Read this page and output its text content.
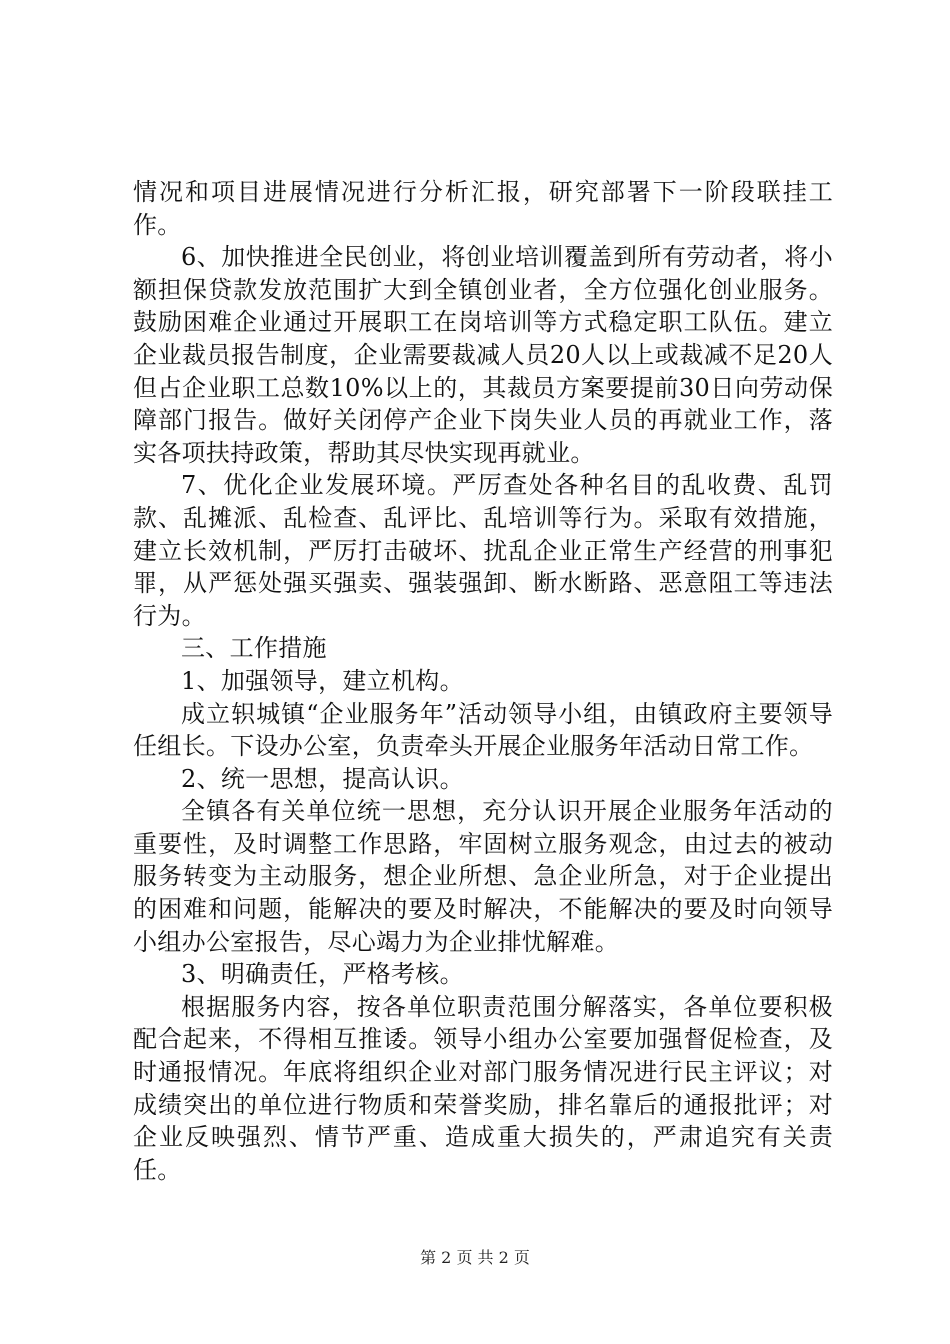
情况和项目进展情况进行分析汇报，研究部署下一阶段联挂工作。

6、加快推进全民创业，将创业培训覆盖到所有劳动者，将小额担保贷款发放范围扩大到全镇创业者，全方位强化创业服务。鼓励困难企业通过开展职工在岗培训等方式稳定职工队伍。建立企业裁员报告制度，企业需要裁减人员20人以上或裁减不足20人但占企业职工总数10%以上的，其裁员方案要提前30日向劳动保障部门报告。做好关闭停产企业下岗失业人员的再就业工作，落实各项扶持政策，帮助其尽快实现再就业。

7、优化企业发展环境。严厉查处各种名目的乱收费、乱罚款、乱摊派、乱检查、乱评比、乱培训等行为。采取有效措施，建立长效机制，严厉打击破坏、扰乱企业正常生产经营的刑事犯罪，从严惩处强买强卖、强装强卸、断水断路、恶意阻工等违法行为。

三、工作措施

1、加强领导，建立机构。

成立轵城镇“企业服务年”活动领导小组，由镇政府主要领导任组长。下设办公室，负责牵头开展企业服务年活动日常工作。

2、统一思想，提高认识。

全镇各有关单位统一思想，充分认识开展企业服务年活动的重要性，及时调整工作思路，牢固树立服务观念，由过去的被动服务转变为主动服务，想企业所想、急企业所急，对于企业提出的困难和问题，能解决的要及时解决，不能解决的要及时向领导小组办公室报告，尽心竭力为企业排忧解难。

3、明确责任，严格考核。

根据服务内容，按各单位职责范围分解落实，各单位要积极配合起来，不得相互推诿。领导小组办公室要加强督促检查，及时通报情况。年底将组织企业对部门服务情况进行民主评议；对成绩突出的单位进行物质和荣誉奖励，排名靠后的通报批评；对企业反映强烈、情节严重、造成重大损失的，严肃追究有关责任。

第 2 页 共 2 页
